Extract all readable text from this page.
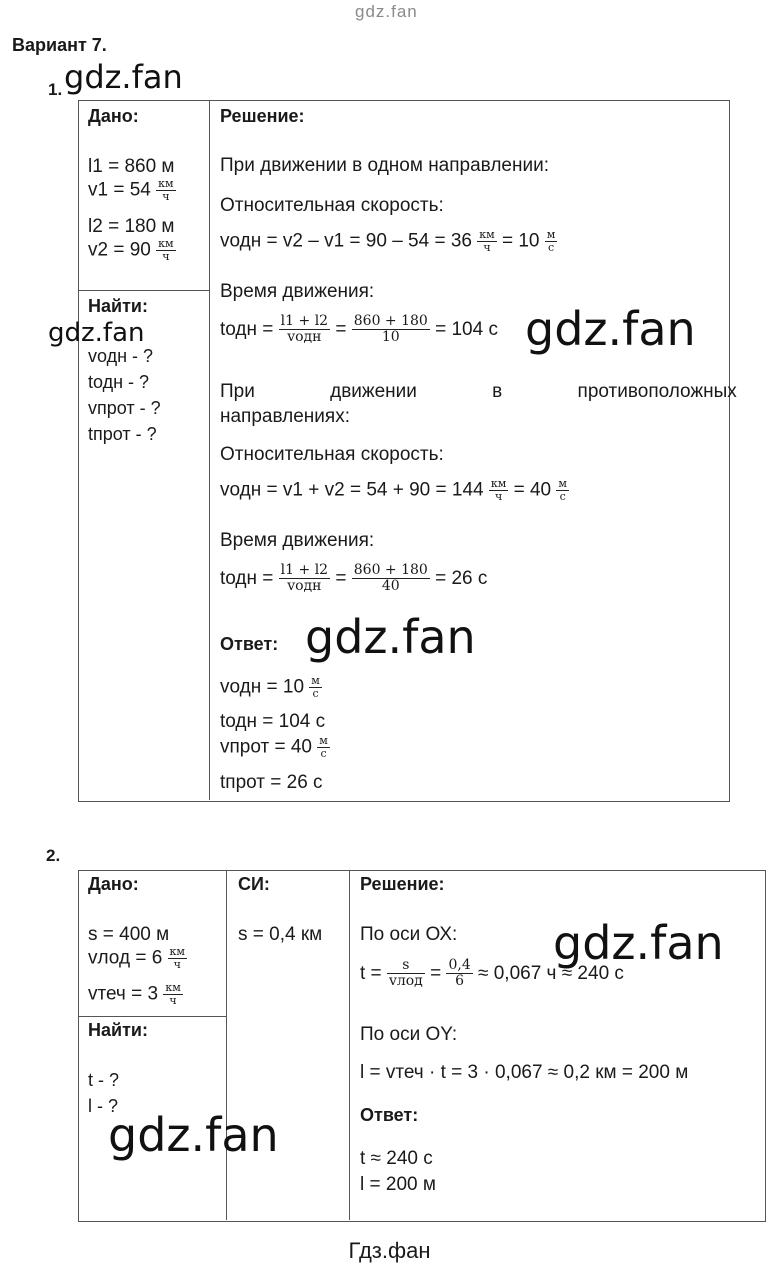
gdz.fan
Вариант 7.
1. gdz.fan
Дано:
l1 = 860 м
$v1 = 54 \frac{км}{ч}$
l2 = 180 м
$v2 = 90 \frac{км}{ч}$
Найти:
gdz.fan
vодн - ?
tодн - ?
vпрот - ?
tпрот - ?
Решение:
При движении в одном направлении:
Относительная скорость:
vодн = $v2 - v1 = 90 - 54 = 36 \frac{км}{ч} = 10 \frac{м}{с}$
Время движения:
tодн = $\frac{l1 + l2}{\text{vодн}} = \frac{860 + 180}{10} = 104$ с gdz.fan
При движении в противоположных
направлениях:
Относительная скорость:
vодн = $v1 + v2 = 54 + 90 = 144 \frac{км}{ч} = 40 \frac{м}{с}$
Время движения:
tодн = $\frac{l1 + l2}{\text{vодн}} = \frac{860 + 180}{40} = 26$ с
Ответ: gdz.fan
vодн = $10 \frac{м}{с}$
tодн = 104 с
vпрот = $40 \frac{м}{с}$
tпрот = 26 с
2.
Дано:
s = 400 м
vлод = $6 \frac{км}{ч}$
vтеч = $3 \frac{км}{ч}$
Найти:
t - ?
l - ?
gdz.fan
СИ:
s = 0,4 км
Решение:
По оси ОХ: gdz.fan
$t = \frac{s}{\text{vлод}} = \frac{0,4}{6} \approx 0,067$ ч ≈ 240 с
По оси OY:
l = vтеч · t = 3 · 0,067 ≈ 0,2 км = 200 м
Ответ:
t ≈ 240 с
l = 200 м
Гдз.фан
